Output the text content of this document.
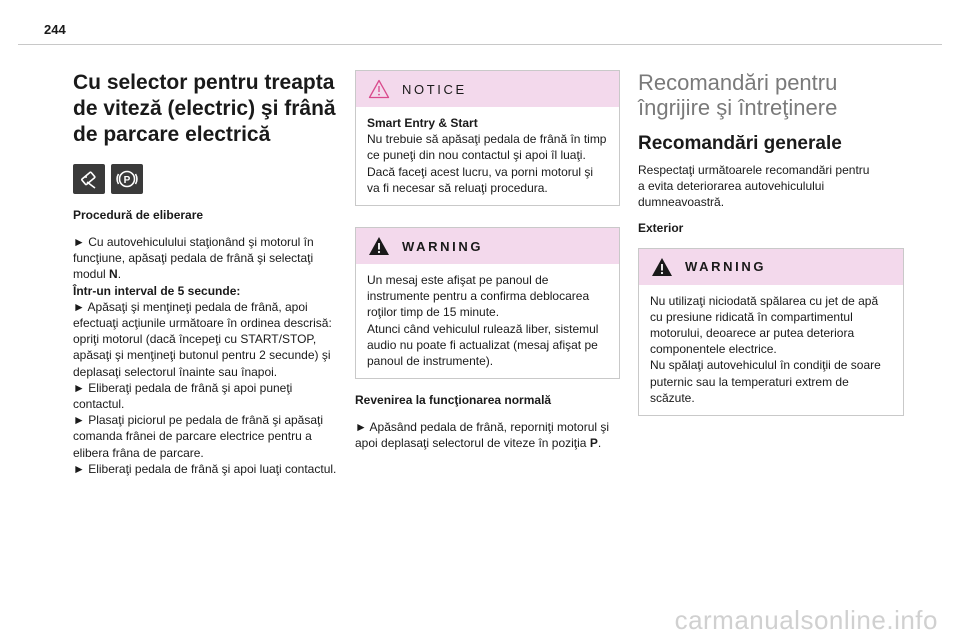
244
Cu selector pentru treapta
de viteză (electric) şi frână
de parcare electrică
P
Procedură de eliberare

► Cu autovehiculului staţionând şi motorul în funcţiune, apăsaţi pedala de frână şi selectaţi modul N.

Într-un interval de 5 secunde:

► Apăsaţi şi menţineţi pedala de frână, apoi efectuaţi acţiunile următoare în ordinea descrisă: opriţi motorul (dacă începeţi cu START/STOP, apăsaţi şi menţineţi butonul pentru 2 secunde) şi deplasaţi selectorul înainte sau înapoi.

► Eliberaţi pedala de frână şi apoi puneţi contactul.

► Plasaţi piciorul pe pedala de frână şi apăsaţi comanda frânei de parcare electrice pentru a elibera frâna de parcare.

► Eliberaţi pedala de frână şi apoi luaţi contactul.

NOTICE

Smart Entry & Start

Nu trebuie să apăsaţi pedala de frână în timp ce puneţi din nou contactul şi apoi îl luaţi. Dacă faceţi acest lucru, va porni motorul şi va fi necesar să reluaţi procedura.

WARNING

Un mesaj este afişat pe panoul de instrumente pentru a confirma deblocarea roţilor timp de 15 minute.

Atunci când vehiculul rulează liber, sistemul audio nu poate fi actualizat (mesaj afişat pe panoul de instrumente).

Revenirea la funcţionarea normală

► Apăsând pedala de frână, reporniţi motorul şi apoi deplasaţi selectorul de viteze în poziţia P.

Recomandări pentru
îngrijire şi întreţinere
Recomandări generale
Respectaţi următoarele recomandări pentru a evita deteriorarea autovehiculului dumneavoastră.
Exterior
WARNING

Nu utilizaţi niciodată spălarea cu jet de apă cu presiune ridicată în compartimentul motorului, deoarece ar putea deteriora componentele electrice.

Nu spălaţi autovehiculul în condiţii de soare puternic sau la temperaturi extrem de scăzute.

carmanualsonline.info
